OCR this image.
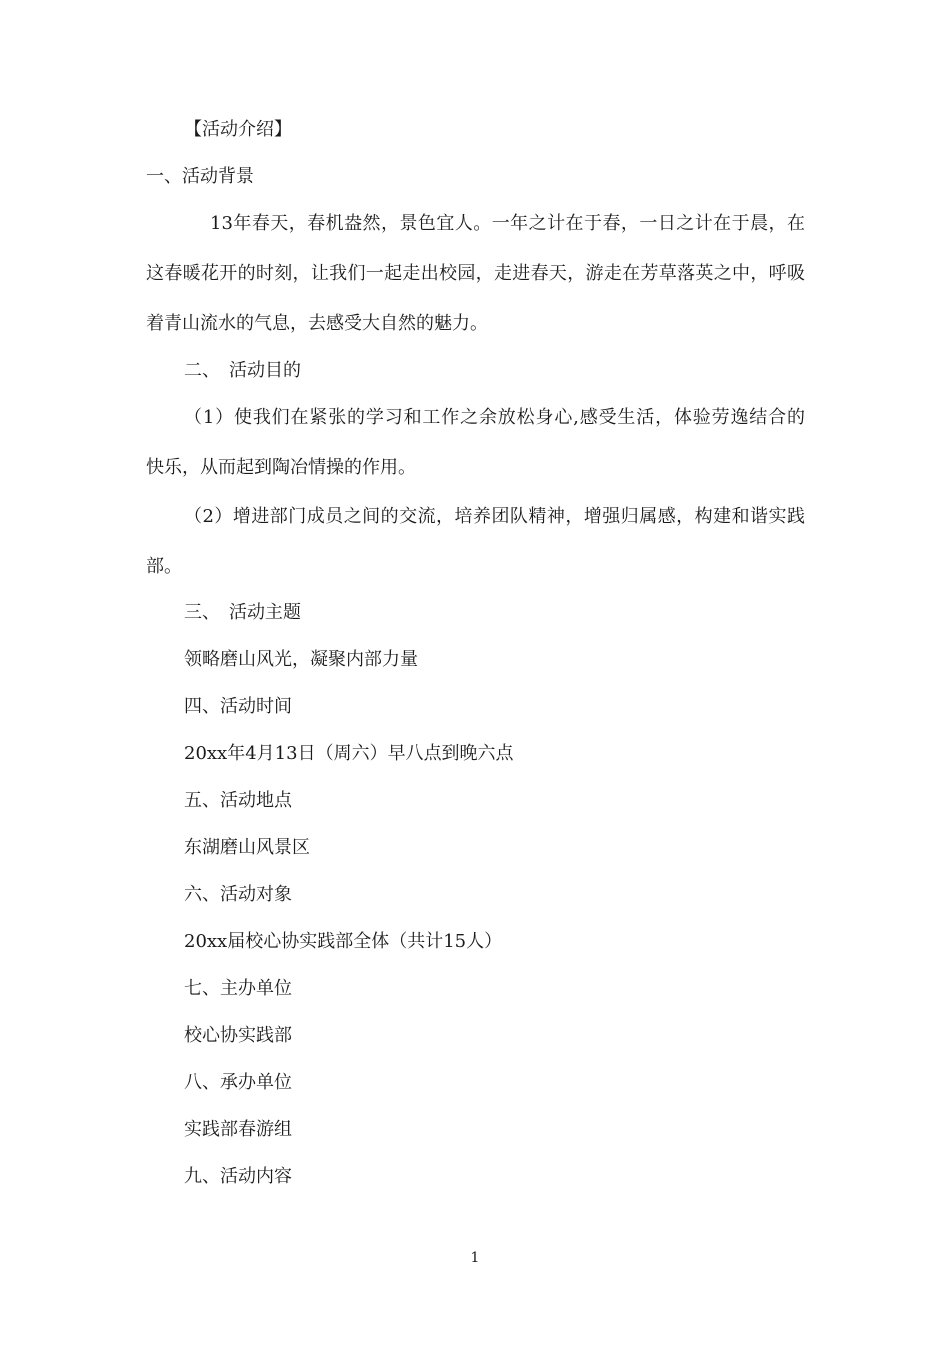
【活动介绍】

一、活动背景

13年春天，春机盎然，景色宜人。一年之计在于春，一日之计在于晨，在

这春暖花开的时刻，让我们一起走出校园，走进春天，游走在芳草落英之中，呼吸

着青山流水的气息，去感受大自然的魅力。

二、　活动目的

（1）使我们在紧张的学习和工作之余放松身心,感受生活，体验劳逸结合的

快乐，从而起到陶冶情操的作用。

（2）增进部门成员之间的交流，培养团队精神，增强归属感，构建和谐实践

部。

三、　活动主题

领略磨山风光，凝聚内部力量

四、活动时间

20xx年4月13日（周六）早八点到晚六点

五、活动地点

东湖磨山风景区

六、活动对象

20xx届校心协实践部全体（共计15人）

七、主办单位

校心协实践部

八、承办单位

实践部春游组

九、活动内容

1
